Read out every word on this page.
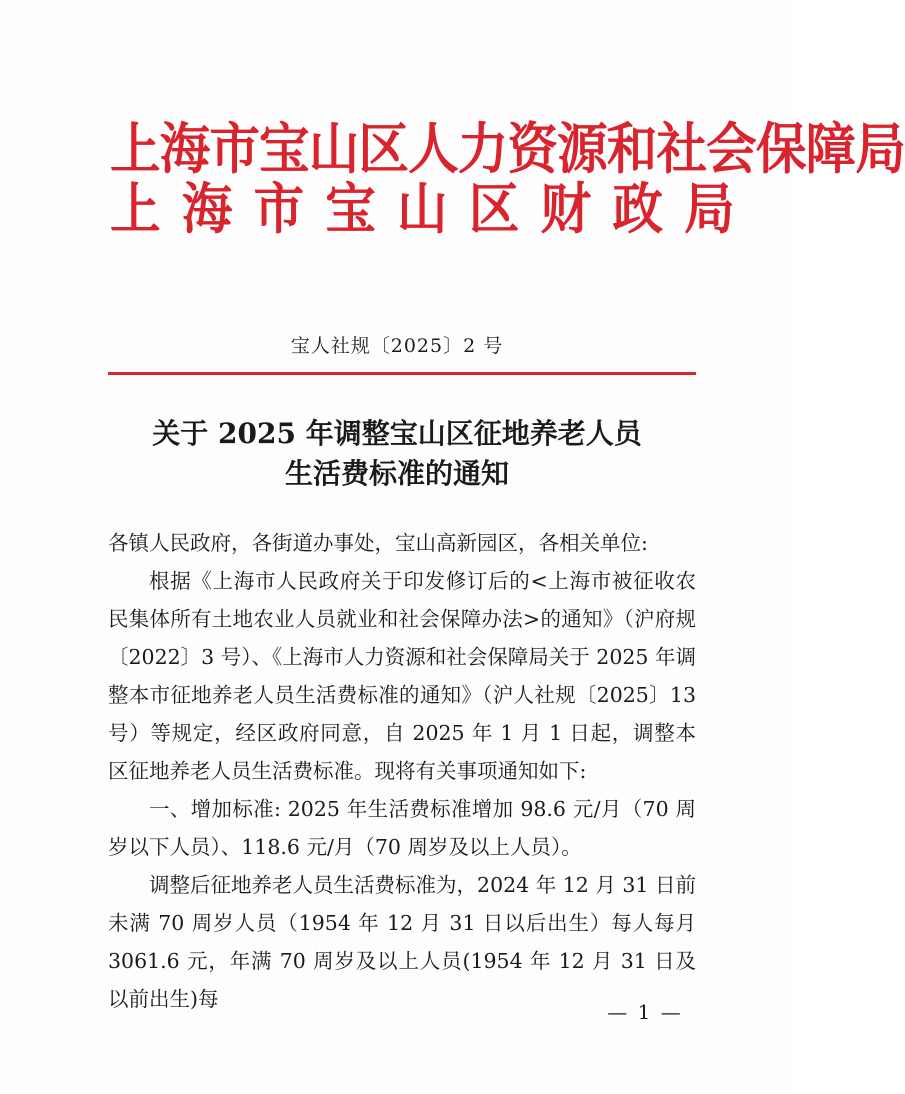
上海市宝山区人力资源和社会保障局
上海市宝山区财政局
宝人社规〔2025〕2 号
关于 2025 年调整宝山区征地养老人员
生活费标准的通知

各镇人民政府，各街道办事处，宝山高新园区，各相关单位:

根据《上海市人民政府关于印发修订后的<上海市被征收农民集体所有土地农业人员就业和社会保障办法>的通知》（沪府规〔2022〕3 号）、《上海市人力资源和社会保障局关于 2025 年调整本市征地养老人员生活费标准的通知》（沪人社规〔2025〕13 号）等规定，经区政府同意，自 2025 年 1 月 1 日起，调整本区征地养老人员生活费标准。现将有关事项通知如下:

一、增加标准: 2025 年生活费标准增加 98.6 元/月（70 周岁以下人员）、118.6 元/月（70 周岁及以上人员）。

调整后征地养老人员生活费标准为，2024 年 12 月 31 日前未满 70 周岁人员（1954 年 12 月 31 日以后出生）每人每月 3061.6 元，年满 70 周岁及以上人员(1954 年 12 月 31 日及以前出生)每

— 1 —
